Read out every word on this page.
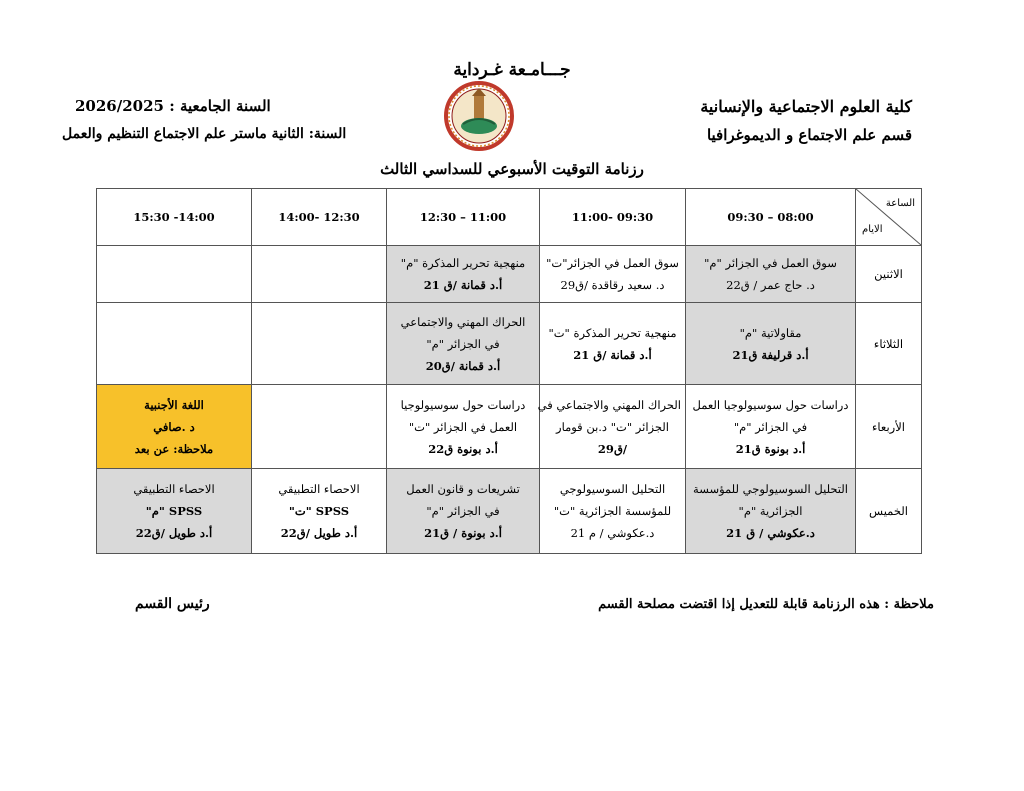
جـــامـعة غـرداية
كلية العلوم الاجتماعية والإنسانية
قسم علم الاجتماع و الديموغرافيا
السنة الجامعية : 2026/2025
السنة: الثانية ماستر علم الاجتماع التنظيم والعمل
رزنامة التوقيت الأسبوعي للسداسي الثالث
الساعة
الايام	08:00 – 09:30	09:30 -11:00	11:00 – 12:30	12:30 -14:00	14:00- 15:30
الاثنين	سوق العمل في الجزائر "م"
د. حاج عمر / ق22	سوق العمل في الجزائر"ت"
د. سعيد رقاقدة /ق29	منهجية تحرير المذكرة "م"
أ.د قمانة /ق 21		

الثلاثاء	مقاولاتية "م"
أ.د قرليفة ق21	منهجية تحرير المذكرة "ت"
أ.د قمانة /ق 21	الحراك المهني والاجتماعي
في الجزائر "م"
أ.د قمانة /ق20		

الأربعاء	دراسات حول سوسيولوجيا العمل
في الجزائر "م"
أ.د بونوة ق21	الحراك المهني والاجتماعي في
الجزائر "ت" د.بن قومار
/ق29	دراسات حول سوسيولوجيا
العمل في الجزائر "ت"
أ.د بونوة ق22		اللغة الأجنبية
د .صافي
ملاحظة: عن بعد

الخميس	التحليل السوسيولوجي للمؤسسة
الجزائرية "م"
د.عكوشي / ق 21	التحليل السوسيولوجي
للمؤسسة الجزائرية "ت"
د.عكوشي / م 21	تشريعات و قانون العمل
في الجزائر "م"
أ.د بونوة / ق21	الاحصاء التطبيقي
SPSS "ت"
أ.د طويل /ق22	الاحصاء التطبيقي
SPSS "م"
أ.د طويل /ق22
ملاحظة : هذه الرزنامة قابلة للتعديل إذا اقتضت مصلحة القسم
رئيس القسم
